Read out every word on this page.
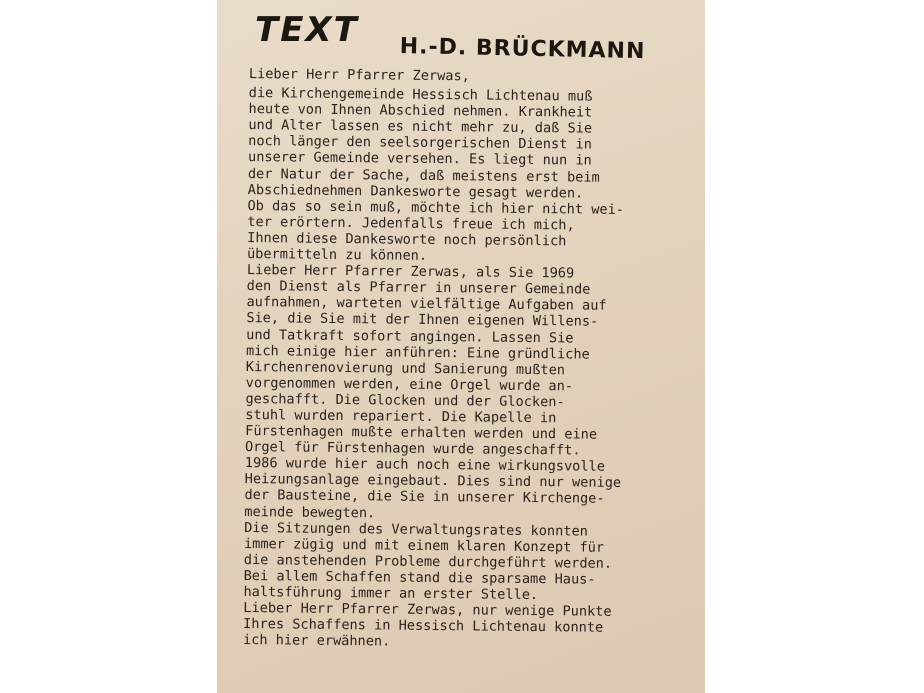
TEXT H.-D. BRÜCKMANN
Lieber Herr Pfarrer Zerwas,
die Kirchengemeinde Hessisch Lichtenau muß
heute von Ihnen Abschied nehmen. Krankheit
und Alter lassen es nicht mehr zu, daß Sie
noch länger den seelsorgerischen Dienst in
unserer Gemeinde versehen. Es liegt nun in
der Natur der Sache, daß meistens erst beim
Abschiednehmen Dankesworte gesagt werden.
Ob das so sein muß, möchte ich hier nicht wei-
ter erörtern. Jedenfalls freue ich mich,
Ihnen diese Dankesworte noch persönlich
übermitteln zu können.
Lieber Herr Pfarrer Zerwas, als Sie 1969
den Dienst als Pfarrer in unserer Gemeinde
aufnahmen, warteten vielfältige Aufgaben auf
Sie, die Sie mit der Ihnen eigenen Willens-
und Tatkraft sofort angingen. Lassen Sie
mich einige hier anführen: Eine gründliche
Kirchenrenovierung und Sanierung mußten
vorgenommen werden, eine Orgel wurde an-
geschafft. Die Glocken und der Glocken-
stuhl wurden repariert. Die Kapelle in
Fürstenhagen mußte erhalten werden und eine
Orgel für Fürstenhagen wurde angeschafft.
1986 wurde hier auch noch eine wirkungsvolle
Heizungsanlage eingebaut. Dies sind nur wenige
der Bausteine, die Sie in unserer Kirchenge-
meinde bewegten.
Die Sitzungen des Verwaltungsrates konnten
immer zügig und mit einem klaren Konzept für
die anstehenden Probleme durchgeführt werden.
Bei allem Schaffen stand die sparsame Haus-
haltsführung immer an erster Stelle.
Lieber Herr Pfarrer Zerwas, nur wenige Punkte
Ihres Schaffens in Hessisch Lichtenau konnte
ich hier erwähnen.
